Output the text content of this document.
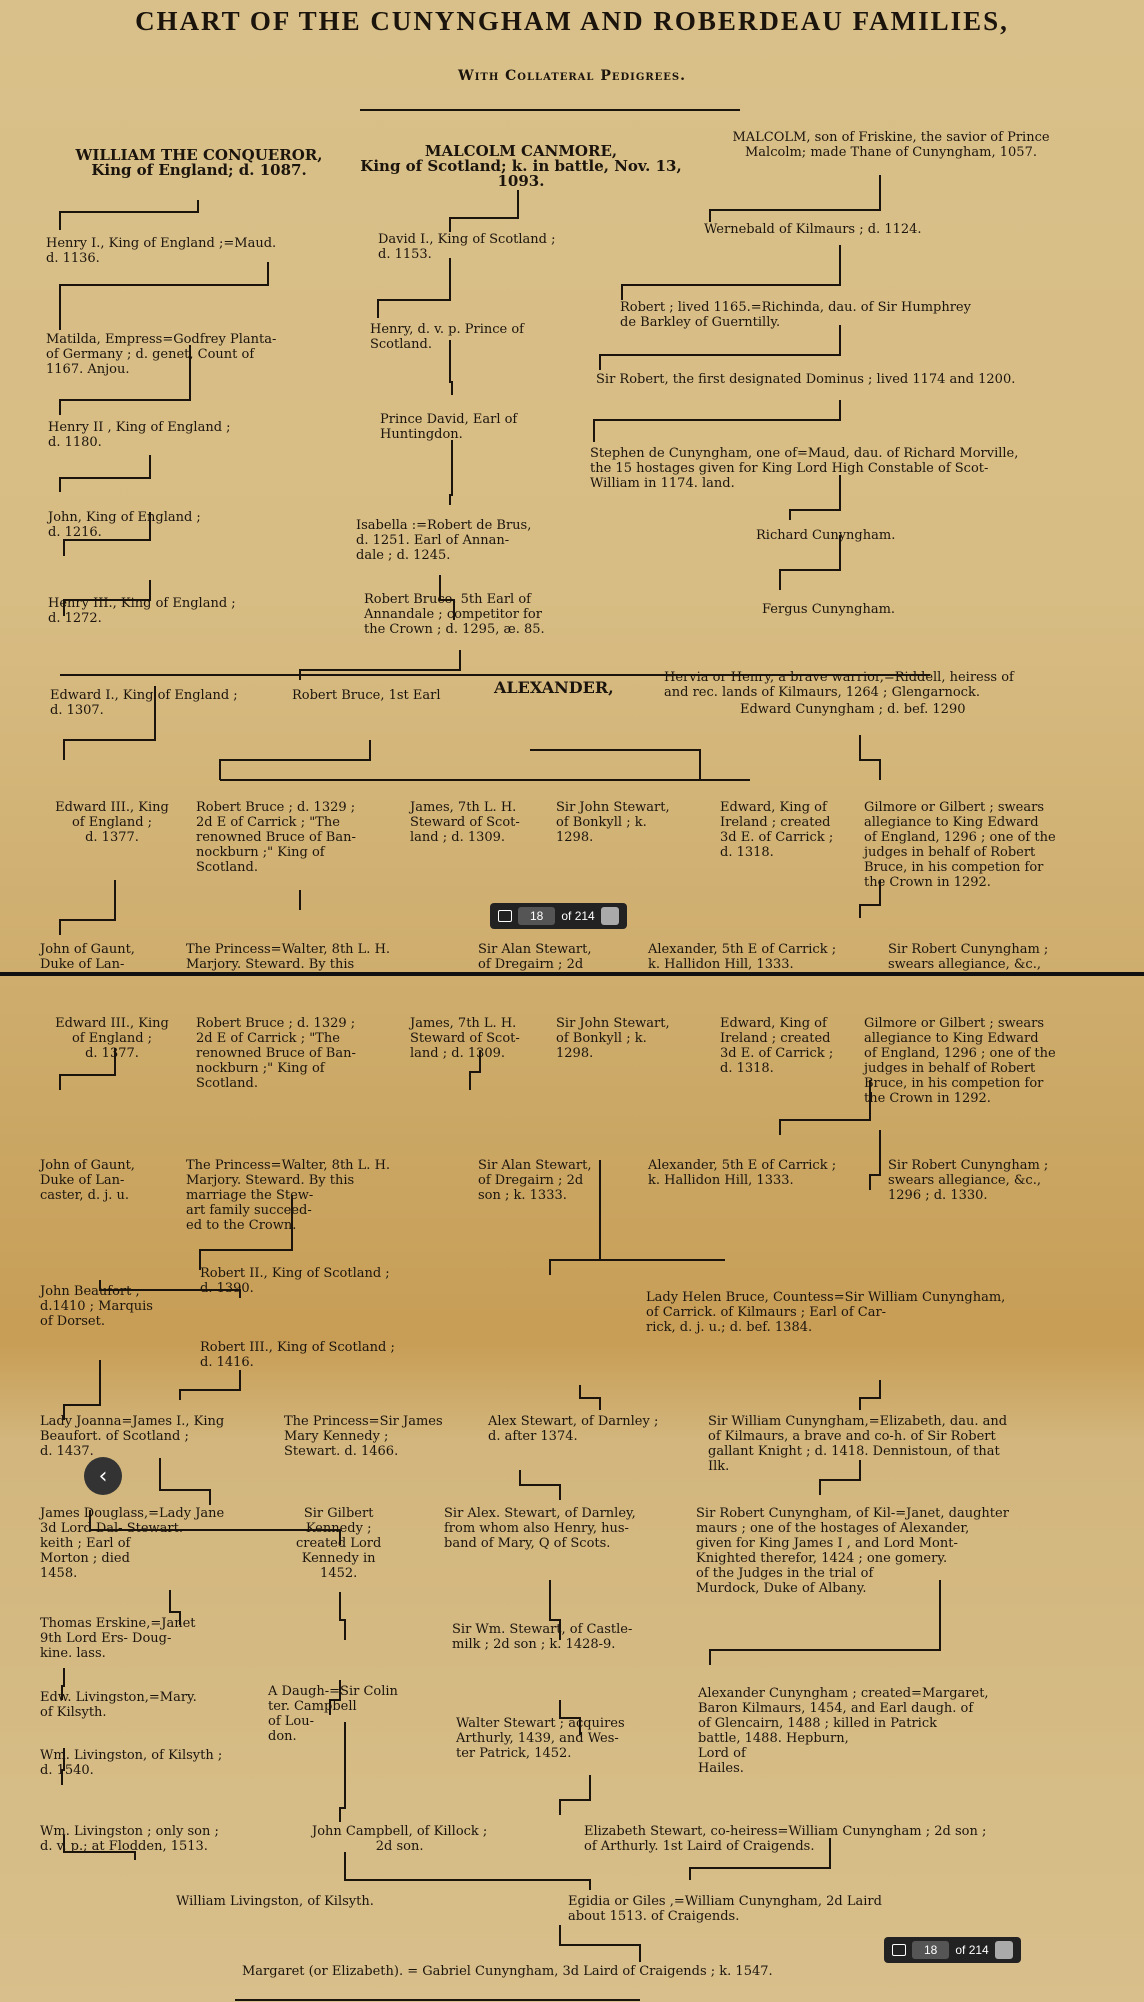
CHART OF THE CUNYNGHAM AND ROBERDEAU FAMILIES,
With Collateral Pedigrees.
WILLIAM THE CONQUEROR,
King of England; d. 1087.
MALCOLM CANMORE,
King of Scotland; k. in battle, Nov. 13, 1093.
MALCOLM, son of Friskine, the savior of Prince
Malcolm; made Thane of Cunyngham, 1057.
Henry I., King of England ;=Maud.
d. 1136.
David I., King of Scotland ;
d. 1153.
Wernebald of Kilmaurs ; d. 1124.
Matilda, Empress=Godfrey Planta-
of Germany ; d. genet, Count of
1167. Anjou.
Henry, d. v. p. Prince of
Scotland.
Robert ; lived 1165.=Richinda, dau. of Sir Humphrey
de Barkley of Guerntilly.
Sir Robert, the first designated Dominus ; lived 1174 and 1200.
Henry II , King of England ;
d. 1180.
Prince David, Earl of
Huntingdon.
Stephen de Cunyngham, one of=Maud, dau. of Richard Morville,
the 15 hostages given for King Lord High Constable of Scot-
William in 1174. land.
John, King of England ;
d. 1216.	Isabella :=Robert de Brus,
d. 1251. Earl of Annan-
dale ; d. 1245.
Richard Cunyngham.
Henry III., King of England ;
d. 1272.
Robert Bruce, 5th Earl of
Annandale ; competitor for
the Crown ; d. 1295, æ. 85.
Fergus Cunyngham.
Edward I., King of England ;
d. 1307.
Robert Bruce, 1st Earl	ALEXANDER,
Hervia or Henry, a brave warrior,=Riddell, heiress of
and rec. lands of Kilmaurs, 1264 ; Glengarnock.
Edward Cunyngham ; d. bef. 1290
Edward III., King
of England ;
d. 1377.
Robert Bruce ; d. 1329 ;
2d E of Carrick ; "The
renowned Bruce of Ban-
nockburn ;" King of
Scotland.
James, 7th L. H.
Steward of Scot-
land ; d. 1309.
Sir John Stewart,
of Bonkyll ; k.
1298.
Edward, King of
Ireland ; created
3d E. of Carrick ;
d. 1318.
Gilmore or Gilbert ; swears
allegiance to King Edward
of England, 1296 ; one of the
judges in behalf of Robert
Bruce, in his competion for
the Crown in 1292.
John of Gaunt,
Duke of Lan-
The Princess=Walter, 8th L. H.
Marjory. Steward. By this
Sir Alan Stewart,
of Dregairn ; 2d
Alexander, 5th E of Carrick ;
k. Hallidon Hill, 1333.
Sir Robert Cunyngham ;
swears allegiance, &c.,
18	of 214
Edward III., King
of England ;
d. 1377.
Robert Bruce ; d. 1329 ;
2d E of Carrick ; "The
renowned Bruce of Ban-
nockburn ;" King of
Scotland.
James, 7th L. H.
Steward of Scot-
land ; d. 1309.
Sir John Stewart,
of Bonkyll ; k.
1298.
Edward, King of
Ireland ; created
3d E. of Carrick ;
d. 1318.
Gilmore or Gilbert ; swears
allegiance to King Edward
of England, 1296 ; one of the
judges in behalf of Robert
Bruce, in his competion for
the Crown in 1292.
John of Gaunt,
Duke of Lan-
caster, d. j. u.
The Princess=Walter, 8th L. H.
Marjory. Steward. By this
marriage the Stew-
art family succeed-
ed to the Crown.
Sir Alan Stewart,
of Dregairn ; 2d
son ; k. 1333.
Alexander, 5th E of Carrick ;
k. Hallidon Hill, 1333.
Sir Robert Cunyngham ;
swears allegiance, &c.,
1296 ; d. 1330.
John Beaufort ;
d.1410 ; Marquis
of Dorset.
Robert II., King of Scotland ;
d. 1390.
Lady Helen Bruce, Countess=Sir William Cunyngham,
of Carrick. of Kilmaurs ; Earl of Car-
rick, d. j. u.; d. bef. 1384.
Robert III., King of Scotland ;
d. 1416.
Lady Joanna=James I., King
Beaufort. of Scotland ;
d. 1437.
The Princess=Sir James
Mary Kennedy ;
Stewart. d. 1466.
Alex Stewart, of Darnley ;
d. after 1374.
Sir William Cunyngham,=Elizabeth, dau. and
of Kilmaurs, a brave and co-h. of Sir Robert
gallant Knight ; d. 1418. Dennistoun, of that
Ilk.
James Douglass,=Lady Jane
3d Lord Dal- Stewart.
keith ; Earl of
Morton ; died
1458.
Sir Gilbert
Kennedy ;
created Lord
Kennedy in
1452.
Sir Alex. Stewart, of Darnley,
from whom also Henry, hus-
band of Mary, Q of Scots.
Sir Robert Cunyngham, of Kil-=Janet, daughter
maurs ; one of the hostages of Alexander,
given for King James I , and Lord Mont-
Knighted therefor, 1424 ; one gomery.
of the Judges in the trial of
Murdock, Duke of Albany.
Thomas Erskine,=Janet
9th Lord Ers- Doug-
kine. lass.
Sir Wm. Stewart, of Castle-
milk ; 2d son ; k. 1428-9.
Edw. Livingston,=Mary.
of Kilsyth.
A Daugh-=Sir Colin
ter. Campbell
of Lou-
don.
Walter Stewart ; acquires
Arthurly, 1439, and Wes-
ter Patrick, 1452.
Alexander Cunyngham ; created=Margaret,
Baron Kilmaurs, 1454, and Earl daugh. of
of Glencairn, 1488 ; killed in Patrick
battle, 1488. Hepburn,
Lord of
Hailes.
Wm. Livingston, of Kilsyth ;
d. 1540.
Wm. Livingston ; only son ;
d. v. p.; at Flodden, 1513.
John Campbell, of Killock ;
2d son.
Elizabeth Stewart, co-heiress=William Cunyngham ; 2d son ;
of Arthurly. 1st Laird of Craigends.
William Livingston, of Kilsyth.	Egidia or Giles ,=William Cunyngham, 2d Laird
about 1513. of Craigends.
Margaret (or Elizabeth). = Gabriel Cunyngham, 3d Laird of Craigends ; k. 1547.
‹
18	of 214
